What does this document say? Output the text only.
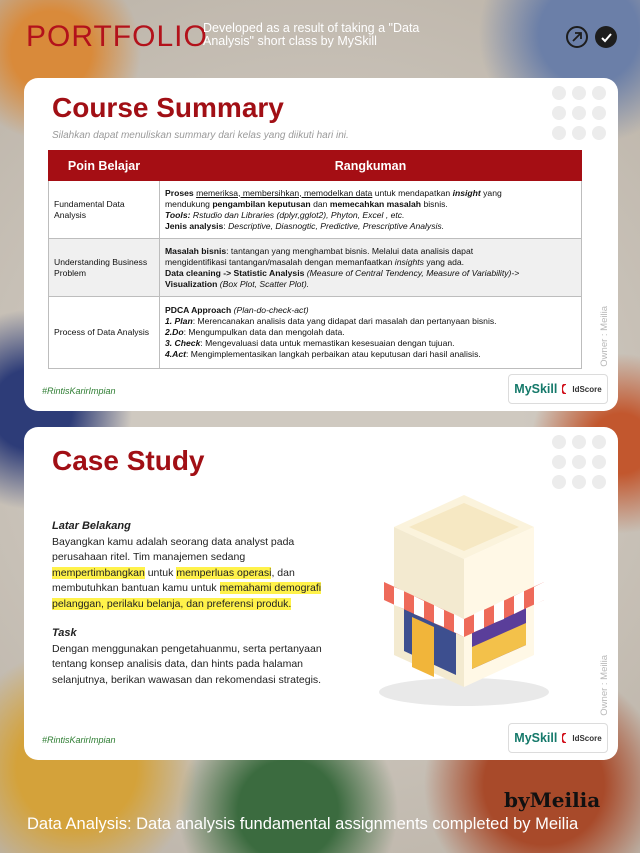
PORTFOLIO
Developed as a result of taking a "Data
Analysis" short class by MySkill
Course Summary
Silahkan dapat menuliskan summary dari kelas yang diikuti hari ini.
Poin Belajar	Rangkuman
Fundamental Data Analysis	Proses memeriksa, membersihkan, memodelkan data untuk mendapatkan insight yang
mendukung pengambilan keputusan dan memecahkan masalah bisnis.
Tools: Rstudio dan Libraries (dplyr,gglot2), Phyton, Excel , etc.
Jenis analysis: Descriptive, Diasnogtic, Predictive, Prescriptive Analysis.

Understanding Business Problem	Masalah bisnis: tantangan yang menghambat bisnis. Melalui data analisis dapat
mengidentifikasi tantangan/masalah dengan memanfaatkan insights yang ada.
Data cleaning -> Statistic Analysis (Measure of Central Tendency, Measure of Variability)->
Visualization (Box Plot, Scatter Plot).

Process of Data Analysis	PDCA Approach (Plan-do-check-act)
1. Plan: Merencanakan analisis data yang didapat dari masalah dan pertanyaan bisnis.
2.Do: Mengumpulkan data dan mengolah data.
3. Check: Mengevaluasi data untuk memastikan kesesuaian dengan tujuan.
4.Act: Mengimplementasikan langkah perbaikan atau keputusan dari hasil analisis.	Owner : Meilia
#RintisKarirImpian	MySkill IdScore
Case Study
Latar Belakang
Bayangkan kamu adalah seorang data analyst pada
perusahaan ritel. Tim manajemen sedang
mempertimbangkan untuk memperluas operasi, dan
membutuhkan bantuan kamu untuk memahami demografi
pelanggan, perilaku belanja, dan preferensi produk.
Task
Dengan menggunakan pengetahuanmu, serta pertanyaan
tentang konsep analisis data, dan hints pada halaman
selanjutnya, berikan wawasan dan rekomendasi strategis.	Owner : Meilia
#RintisKarirImpian	MySkill IdScore
byMeilia
Data Analysis: Data analysis fundamental assignments completed by Meilia
